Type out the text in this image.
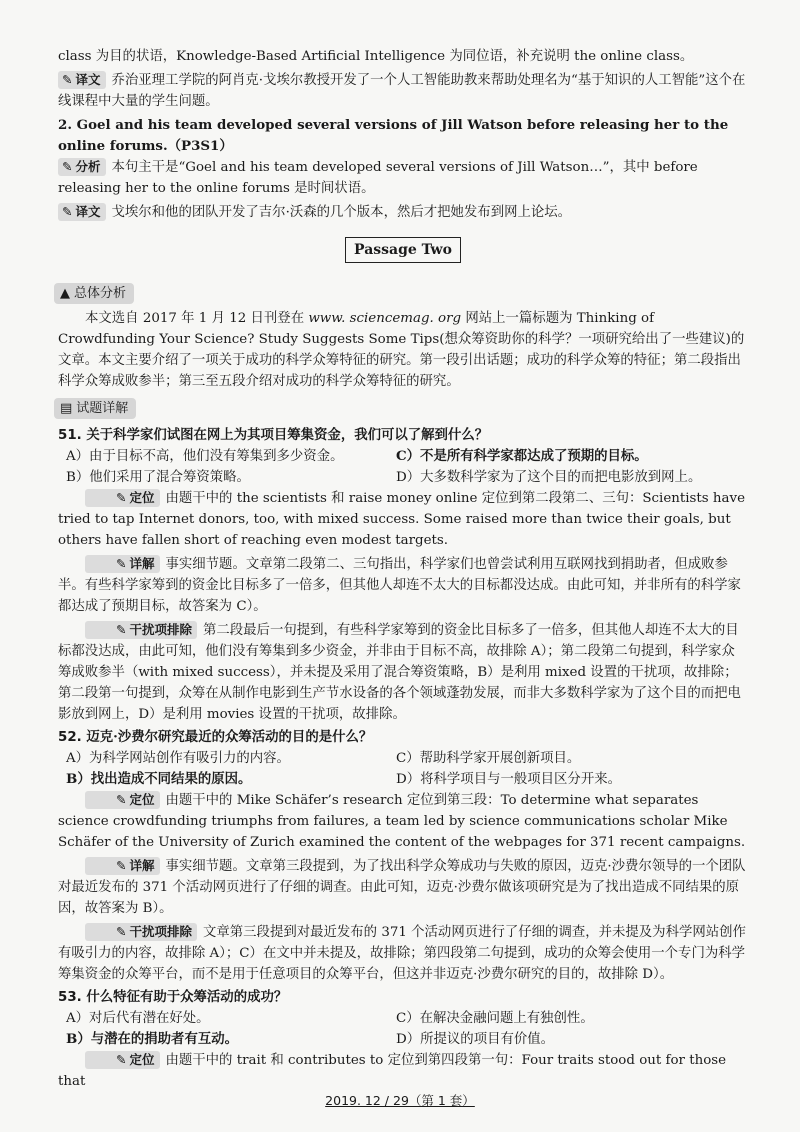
class 为目的状语，Knowledge-Based Artificial Intelligence 为同位语，补充说明 the online class。

✎ 译文 乔治亚理工学院的阿肖克·戈埃尔教授开发了一个人工智能助教来帮助处理名为“基于知识的人工智能”这个在线课程中大量的学生问题。

2. Goel and his team developed several versions of Jill Watson before releasing her to the online forums.（P3S1）

✎ 分析 本句主干是“Goel and his team developed several versions of Jill Watson…”，其中 before releasing her to the online forums 是时间状语。

✎ 译文 戈埃尔和他的团队开发了吉尔·沃森的几个版本，然后才把她发布到网上论坛。

Passage Two
▲ 总体分析

本文选自 2017 年 1 月 12 日刊登在 www. sciencemag. org 网站上一篇标题为 Thinking of Crowdfunding Your Science? Study Suggests Some Tips(想众筹资助你的科学？一项研究给出了一些建议)的文章。本文主要介绍了一项关于成功的科学众筹特征的研究。第一段引出话题；成功的科学众筹的特征；第二段指出科学众筹成败参半；第三至五段介绍对成功的科学众筹特征的研究。

▤ 试题详解

51. 关于科学家们试图在网上为其项目筹集资金，我们可以了解到什么？

A）由于目标不高，他们没有筹集到多少资金。	C）不是所有科学家都达成了预期的目标。
B）他们采用了混合筹资策略。	D）大多数科学家为了这个目的而把电影放到网上。

✎ 定位 由题干中的 the scientists 和 raise money online 定位到第二段第二、三句：Scientists have tried to tap Internet donors, too, with mixed success. Some raised more than twice their goals, but others have fallen short of reaching even modest targets.

✎ 详解 事实细节题。文章第二段第二、三句指出，科学家们也曾尝试利用互联网找到捐助者，但成败参半。有些科学家筹到的资金比目标多了一倍多，但其他人却连不太大的目标都没达成。由此可知，并非所有的科学家都达成了预期目标，故答案为 C）。

✎ 干扰项排除 第二段最后一句提到，有些科学家筹到的资金比目标多了一倍多，但其他人却连不太大的目标都没达成，由此可知，他们没有筹集到多少资金，并非由于目标不高，故排除 A）；第二段第二句提到，科学家众筹成败参半（with mixed success），并未提及采用了混合筹资策略，B）是利用 mixed 设置的干扰项，故排除；第二段第一句提到，众筹在从制作电影到生产节水设备的各个领域蓬勃发展，而非大多数科学家为了这个目的而把电影放到网上，D）是利用 movies 设置的干扰项，故排除。

52. 迈克·沙费尔研究最近的众筹活动的目的是什么？

A）为科学网站创作有吸引力的内容。	C）帮助科学家开展创新项目。
B）找出造成不同结果的原因。	D）将科学项目与一般项目区分开来。

✎ 定位 由题干中的 Mike Schäfer’s research 定位到第三段：To determine what separates science crowdfunding triumphs from failures, a team led by science communications scholar Mike Schäfer of the University of Zurich examined the content of the webpages for 371 recent campaigns.

✎ 详解 事实细节题。文章第三段提到，为了找出科学众筹成功与失败的原因，迈克·沙费尔领导的一个团队对最近发布的 371 个活动网页进行了仔细的调查。由此可知，迈克·沙费尔做该项研究是为了找出造成不同结果的原因，故答案为 B）。

✎ 干扰项排除 文章第三段提到对最近发布的 371 个活动网页进行了仔细的调查，并未提及为科学网站创作有吸引力的内容，故排除 A）；C）在文中并未提及，故排除；第四段第二句提到，成功的众筹会使用一个专门为科学筹集资金的众筹平台，而不是用于任意项目的众筹平台，但这并非迈克·沙费尔研究的目的，故排除 D）。

53. 什么特征有助于众筹活动的成功？

A）对后代有潜在好处。	C）在解决金融问题上有独创性。
B）与潜在的捐助者有互动。	D）所提议的项目有价值。

✎ 定位 由题干中的 trait 和 contributes to 定位到第四段第一句：Four traits stood out for those that

2019. 12 / 29（第 1 套）
